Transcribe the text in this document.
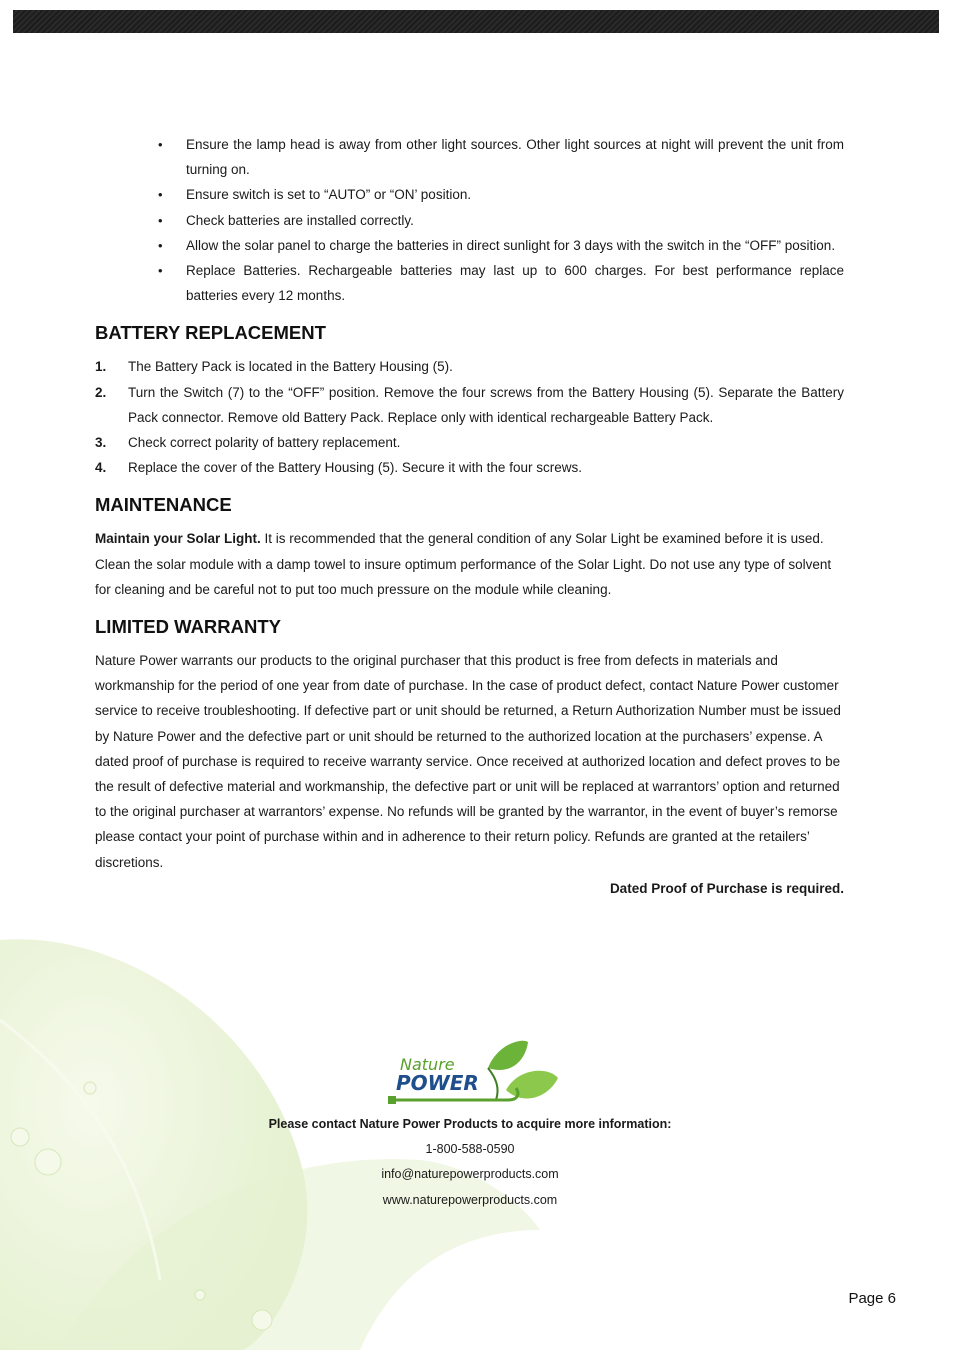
• Ensure the lamp head is away from other light sources. Other light sources at night will prevent the unit from turning on.
• Ensure switch is set to “AUTO” or “ON’ position.
• Check batteries are installed correctly.
• Allow the solar panel to charge the batteries in direct sunlight for 3 days with the switch in the “OFF” position.
• Replace Batteries. Rechargeable batteries may last up to 600 charges. For best performance replace batteries every 12 months.
BATTERY REPLACEMENT
1. The Battery Pack is located in the Battery Housing (5).
2. Turn the Switch (7) to the “OFF” position. Remove the four screws from the Battery Housing (5). Separate the Battery Pack connector. Remove old Battery Pack. Replace only with identical rechargeable Battery Pack.
3. Check correct polarity of battery replacement.
4. Replace the cover of the Battery Housing (5). Secure it with the four screws.
MAINTENANCE

Maintain your Solar Light. It is recommended that the general condition of any Solar Light be examined before it is used. Clean the solar module with a damp towel to insure optimum performance of the Solar Light. Do not use any type of solvent for cleaning and be careful not to put too much pressure on the module while cleaning.

LIMITED WARRANTY

Nature Power warrants our products to the original purchaser that this product is free from defects in materials and workmanship for the period of one year from date of purchase. In the case of product defect, contact Nature Power customer service to receive troubleshooting. If defective part or unit should be returned, a Return Authorization Number must be issued by Nature Power and the defective part or unit should be returned to the authorized location at the purchasers’ expense. A dated proof of purchase is required to receive warranty service. Once received at authorized location and defect proves to be the result of defective material and workmanship, the defective part or unit will be replaced at warrantors’ option and returned to the original purchaser at warrantors’ expense. No refunds will be granted by the warrantor, in the event of buyer’s remorse please contact your point of purchase within and in adherence to their return policy. Refunds are granted at the retailers’ discretions.

Dated Proof of Purchase is required.

Nature
POWER
Please contact Nature Power Products to acquire more information:
1-800-588-0590
info@naturepowerproducts.com
www.naturepowerproducts.com
Page 6
